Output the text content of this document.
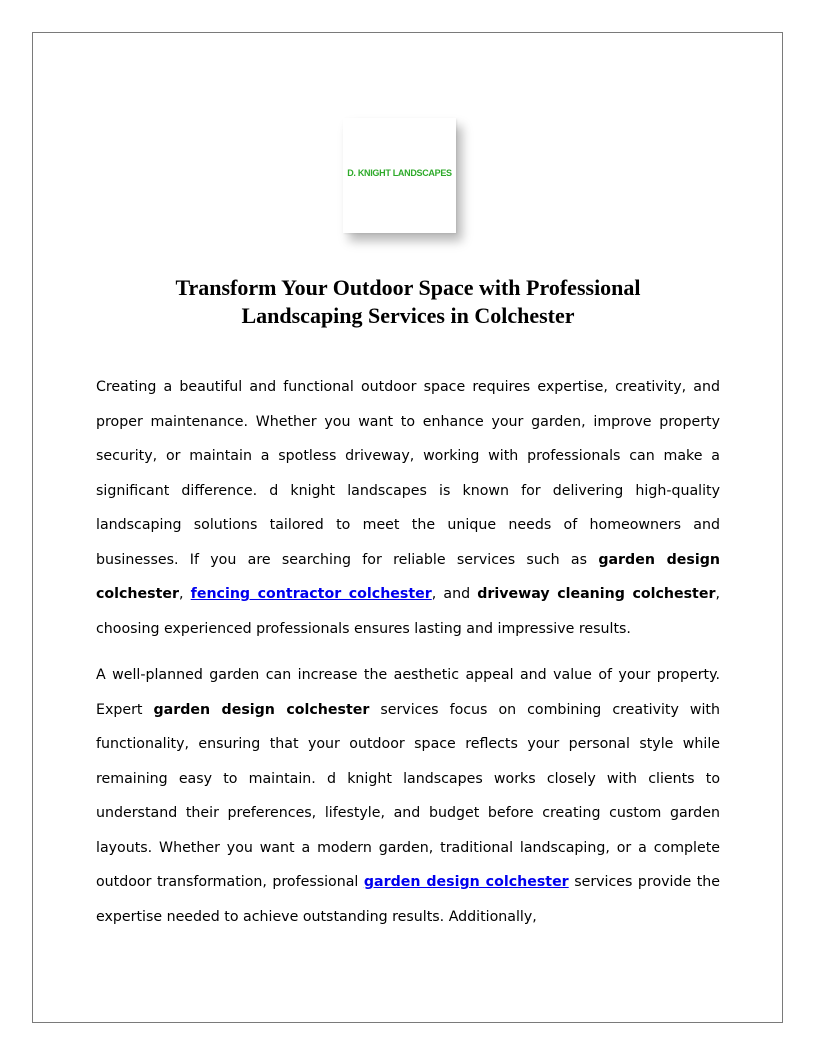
D. KNIGHT LANDSCAPES
Transform Your Outdoor Space with Professional
Landscaping Services in Colchester

Creating a beautiful and functional outdoor space requires expertise, creativity, and proper maintenance. Whether you want to enhance your garden, improve property security, or maintain a spotless driveway, working with professionals can make a significant difference. d knight landscapes is known for delivering high-quality landscaping solutions tailored to meet the unique needs of homeowners and businesses. If you are searching for reliable services such as garden design colchester, fencing contractor colchester, and driveway cleaning colchester, choosing experienced professionals ensures lasting and impressive results.

A well-planned garden can increase the aesthetic appeal and value of your property. Expert garden design colchester services focus on combining creativity with functionality, ensuring that your outdoor space reflects your personal style while remaining easy to maintain. d knight landscapes works closely with clients to understand their preferences, lifestyle, and budget before creating custom garden layouts. Whether you want a modern garden, traditional landscaping, or a complete outdoor transformation, professional garden design colchester services provide the expertise needed to achieve outstanding results. Additionally,
